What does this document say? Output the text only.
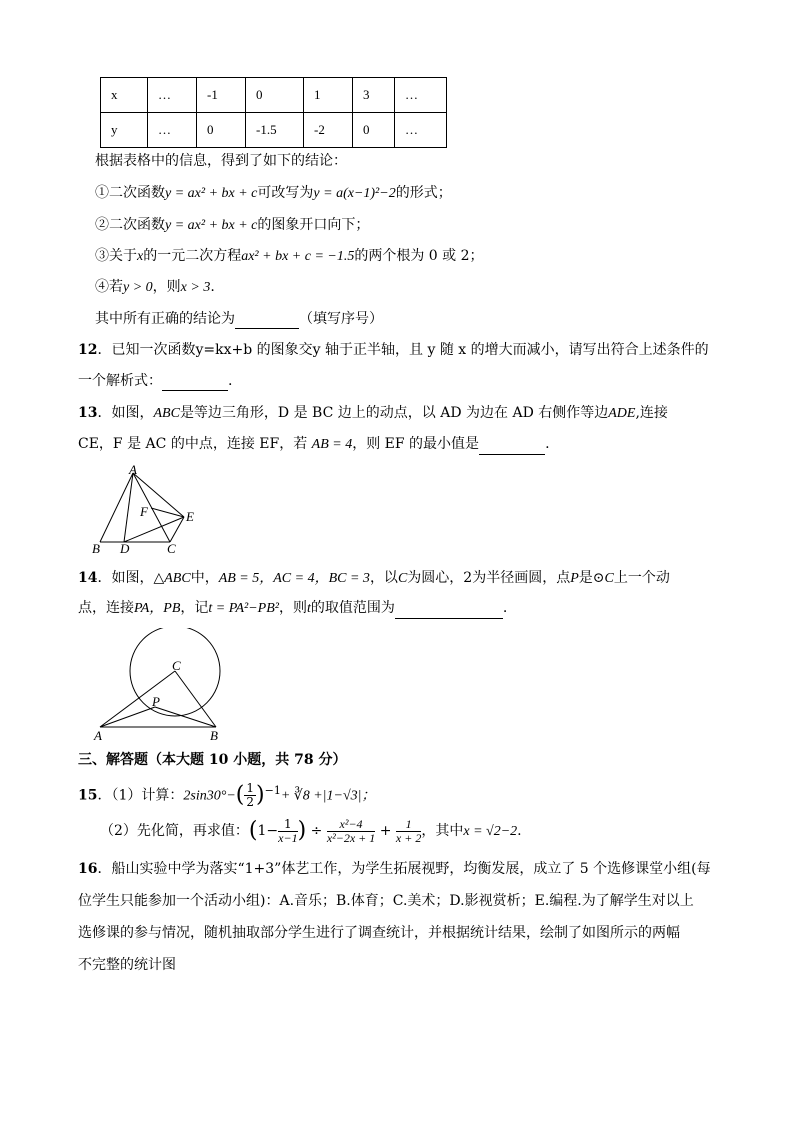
x	…	-1	0	1	3	…
y	…	0	-1.5	-2	0	…
根据表格中的信息，得到了如下的结论：
①二次函数y = ax² + bx + c可改写为y = a(x−1)²−2的形式；
②二次函数y = ax² + bx + c的图象开口向下；
③关于x的一元二次方程ax² + bx + c = −1.5的两个根为 0 或 2；
④若y > 0，则x > 3.
其中所有正确的结论为	（填写序号）
12．已知一次函数y=kx+b 的图象交y 轴于正半轴，且 y 随 x 的增大而减小，请写出符合上述条件的
一个解析式：	.
13．如图，ABC是等边三角形，D 是 BC 边上的动点，以 AD 为边在 AD 右侧作等边ADE,连接
CE，F 是 AC 的中点，连接 EF，若 AB = 4，则 EF 的最小值是	.
A
B D	C
E
F
14．如图，△ABC中，AB = 5，AC = 4，BC = 3，以C为圆心，2为半径画圆，点P是⊙C上一个动
点，连接PA，PB，记t = PA²−PB²，则t的取值范围为	.
C
P
A	B
三、解答题（本大题 10 小题，共 78 分）
15．（1）计算：$2\sin 30^\circ-( \frac{1}{2} )^{-1}+$ ∛8 +|1−√3|；
（2）先化简，再求值：($1- \frac{1}{x-1}$ ) ÷ $\frac{\text{x²−4}}{\text{x²−2x + 1}} + \frac{1}{x + 2}$ ，其中x = √2−2.
16．船山实验中学为落实“1+3”体艺工作，为学生拓展视野，均衡发展，成立了 5 个选修课堂小组(每
位学生只能参加一个活动小组)：A.音乐；B.体育；C.美术；D.影视赏析；E.编程.为了解学生对以上
选修课的参与情况，随机抽取部分学生进行了调查统计，并根据统计结果，绘制了如图所示的两幅
不完整的统计图
